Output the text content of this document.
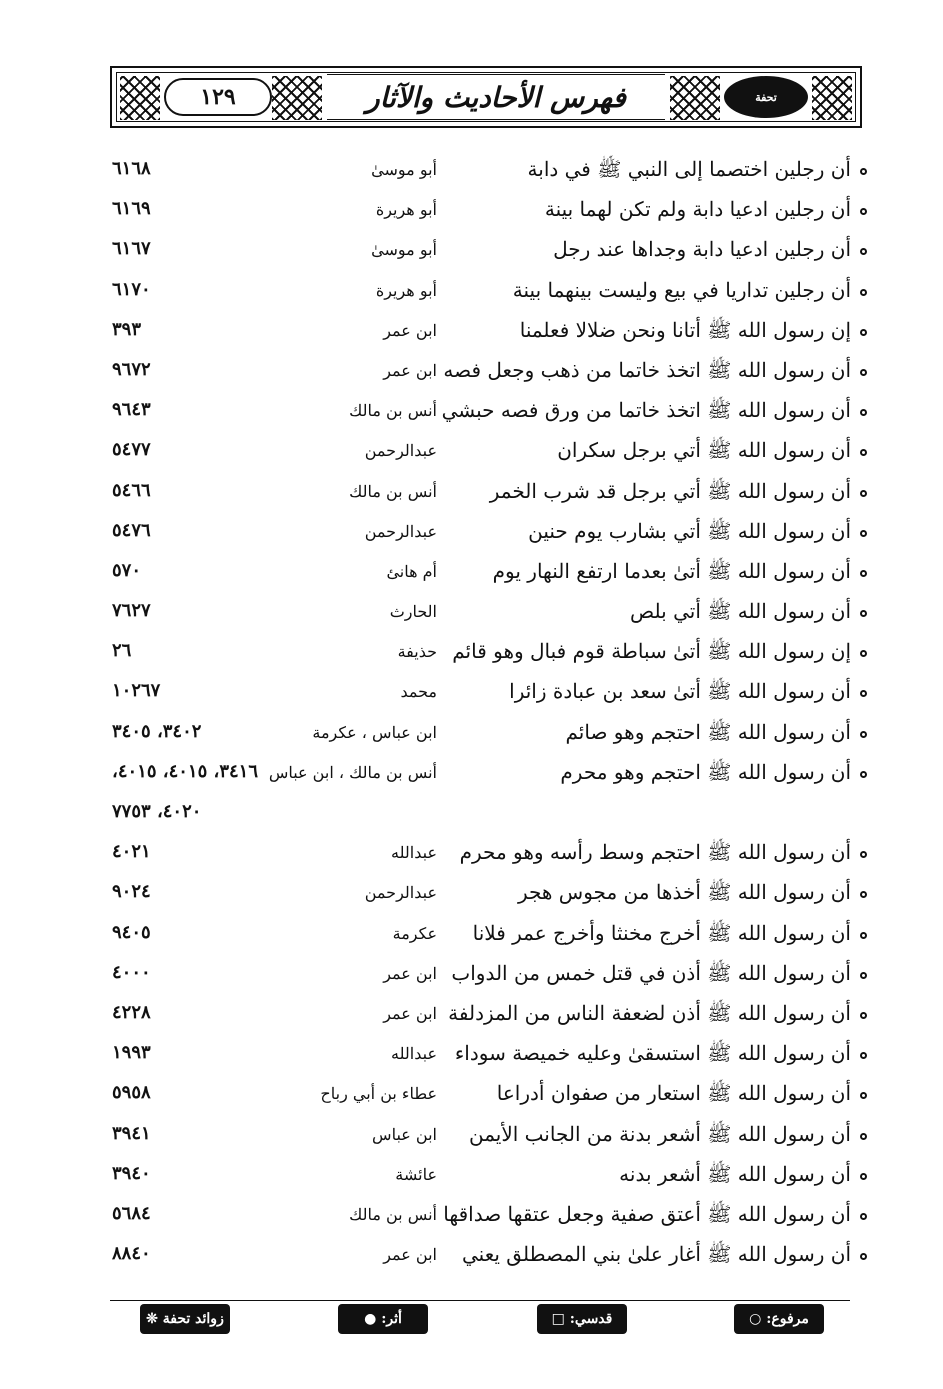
١٢٩	فهرس الأحاديث والآثار	تحفة
أن رجلين اختصما إلى النبي ﷺ في دابة
أبو موسىٰ
٦١٦٨
أن رجلين ادعيا دابة ولم تكن لهما بينة
أبو هريرة
٦١٦٩
أن رجلين ادعيا دابة وجداها عند رجل
أبو موسىٰ
٦١٦٧
أن رجلين تداريا في بيع وليست بينهما بينة
أبو هريرة
٦١٧٠
إن رسول الله ﷺ أتانا ونحن ضلالا فعلمنا
ابن عمر
٣٩٣
أن رسول الله ﷺ اتخذ خاتما من ذهب وجعل فصه
ابن عمر
٩٦٧٢
أن رسول الله ﷺ اتخذ خاتما من ورق فصه حبشي
أنس بن مالك
٩٦٤٣
أن رسول الله ﷺ أتي برجل سكران
عبدالرحمن
٥٤٧٧
أن رسول الله ﷺ أتي برجل قد شرب الخمر
أنس بن مالك
٥٤٦٦
أن رسول الله ﷺ أتي بشارب يوم حنين
عبدالرحمن
٥٤٧٦
أن رسول الله ﷺ أتىٰ بعدما ارتفع النهار يوم
أم هانئ
٥٧٠
أن رسول الله ﷺ أتي بلص
الحارث
٧٦٢٧
إن رسول الله ﷺ أتىٰ سباطة قوم فبال وهو قائم
حذيفة
٢٦
أن رسول الله ﷺ أتىٰ سعد بن عبادة زائرا
محمد
١٠٢٦٧
أن رسول الله ﷺ احتجم وهو صائم
ابن عباس ، عكرمة
٣٤٠٢، ٣٤٠٥
أن رسول الله ﷺ احتجم وهو محرم
أنس بن مالك ، ابن عباس
٣٤١٦، ٤٠١٥، ٤٠١٥،
٤٠٢٠، ٧٧٥٣
أن رسول الله ﷺ احتجم وسط رأسه وهو محرم
عبدالله
٤٠٢١
أن رسول الله ﷺ أخذها من مجوس هجر
عبدالرحمن
٩٠٢٤
أن رسول الله ﷺ أخرج مخنثا وأخرج عمر فلانا
عكرمة
٩٤٠٥
أن رسول الله ﷺ أذن في قتل خمس من الدواب
ابن عمر
٤٠٠٠
أن رسول الله ﷺ أذن لضعفة الناس من المزدلفة
ابن عمر
٤٢٢٨
أن رسول الله ﷺ استسقىٰ وعليه خميصة سوداء
عبدالله
١٩٩٣
أن رسول الله ﷺ استعار من صفوان أدراعا
عطاء بن أبي رباح
٥٩٥٨
أن رسول الله ﷺ أشعر بدنة من الجانب الأيمن
ابن عباس
٣٩٤١
أن رسول الله ﷺ أشعر بدنه
عائشة
٣٩٤٠
أن رسول الله ﷺ أعتق صفية وجعل عتقها صداقها
أنس بن مالك
٥٦٨٤
أن رسول الله ﷺ أغار علىٰ بني المصطلق يعني
ابن عمر
٨٨٤٠
مرفوع: ○
قدسي: □
أثر: ●
زوائد تحفة ❊
